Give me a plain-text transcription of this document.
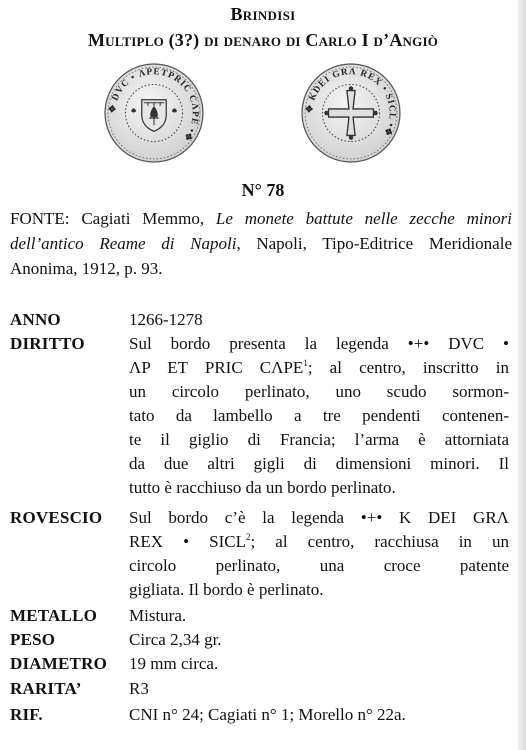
Brindisi
Multiplo (3?) di denaro di Carlo I d’Angiò
✥ DVC • ΛPETPRIC CΛPE •✥
✥ KDEI GRΛ REX • SICL •✥
N° 78
FONTE: Cagiati Memmo, Le monete battute nelle zecche minori dell’antico Reame di Napoli, Napoli, Tipo-Editrice Meridionale Anonima, 1912, p. 93.
ANNO	1266-1278
DIRITTO	Sul bordo presenta la legenda •+• DVC •
ΛP ET PRIC CΛPE$^1$; al centro, inscritto in
un circolo perlinato, uno scudo sormon-
tato da lambello a tre pendenti contenen-
te il giglio di Francia; l’arma è attorniata
da due altri gigli di dimensioni minori. Il
tutto è racchiuso da un bordo perlinato.
ROVESCIO	Sul bordo c’è la legenda •+• K DEI GRΛ
REX • SICL$^2$; al centro, racchiusa in un
circolo perlinato, una croce patente
gigliata. Il bordo è perlinato.
METALLO	Mistura.
PESO	Circa 2,34 gr.
DIAMETRO	19 mm circa.
RARITA’	R3
RIF.	CNI n° 24; Cagiati n° 1; Morello n° 22a.
